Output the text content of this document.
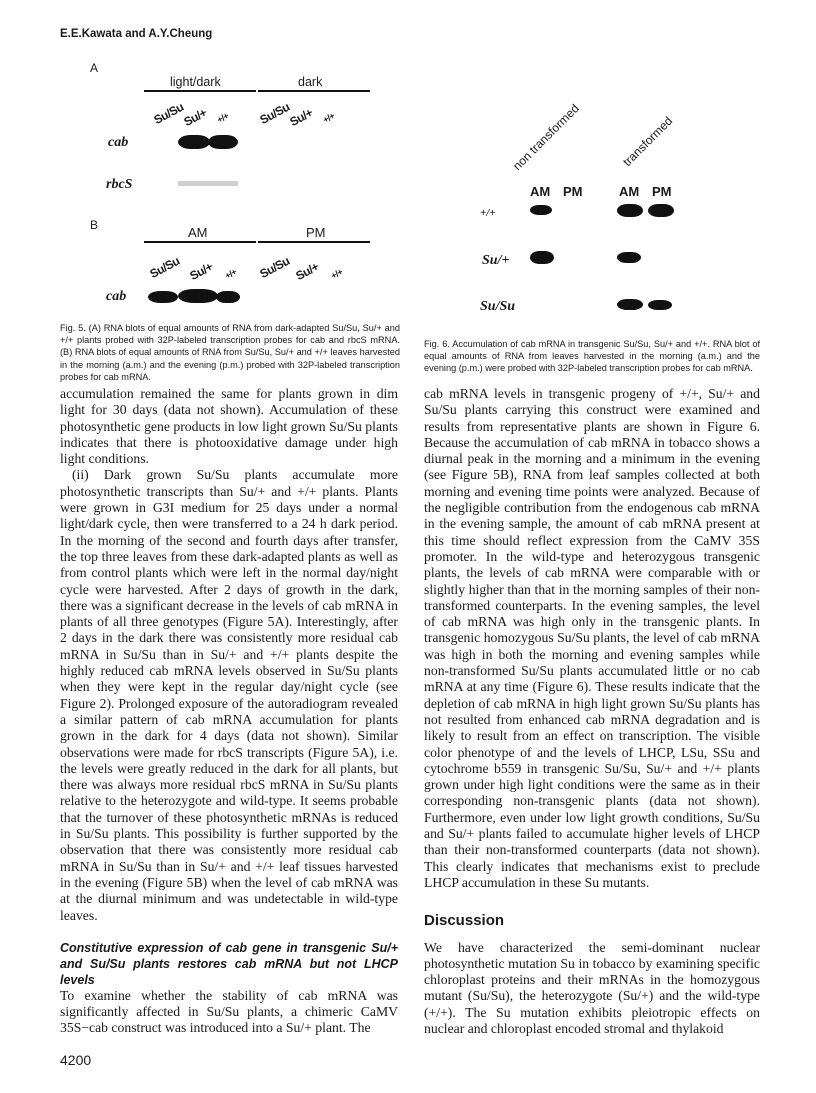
E.E.Kawata and A.Y.Cheung
A
light/dark	dark
Su/Su
Su/+ +/+ Su/Su
Su/+ +/+
cab
rbcS
B	AM	PM
Su/Su Su/+ +/+ Su/Su Su/+ +/+
cab
Fig. 5. (A) RNA blots of equal amounts of RNA from dark-adapted Su/Su, Su/+ and +/+ plants probed with 32P-labeled transcription probes for cab and rbcS mRNA. (B) RNA blots of equal amounts of RNA from Su/Su, Su/+ and +/+ leaves harvested in the morning (a.m.) and the evening (p.m.) probed with 32P-labeled transcription probes for cab mRNA.
non transformed	transformed
AM PM	AM PM
+/+
Su/+
Su/Su
Fig. 6. Accumulation of cab mRNA in transgenic Su/Su, Su/+ and +/+. RNA blot of equal amounts of RNA from leaves harvested in the morning (a.m.) and the evening (p.m.) were probed with 32P-labeled transcription probes for cab mRNA.

accumulation remained the same for plants grown in dim light for 30 days (data not shown). Accumulation of these photosynthetic gene products in low light grown Su/Su plants indicates that there is photooxidative damage under high light conditions.

(ii) Dark grown Su/Su plants accumulate more photosynthetic transcripts than Su/+ and +/+ plants. Plants were grown in G3I medium for 25 days under a normal light/dark cycle, then were transferred to a 24 h dark period. In the morning of the second and fourth days after transfer, the top three leaves from these dark-adapted plants as well as from control plants which were left in the normal day/night cycle were harvested. After 2 days of growth in the dark, there was a significant decrease in the levels of cab mRNA in plants of all three genotypes (Figure 5A). Interestingly, after 2 days in the dark there was consistently more residual cab mRNA in Su/Su than in Su/+ and +/+ plants despite the highly reduced cab mRNA levels observed in Su/Su plants when they were kept in the regular day/night cycle (see Figure 2). Prolonged exposure of the autoradiogram revealed a similar pattern of cab mRNA accumulation for plants grown in the dark for 4 days (data not shown). Similar observations were made for rbcS transcripts (Figure 5A), i.e. the levels were greatly reduced in the dark for all plants, but there was always more residual rbcS mRNA in Su/Su plants relative to the heterozygote and wild-type. It seems probable that the turnover of these photosynthetic mRNAs is reduced in Su/Su plants. This possibility is further supported by the observation that there was consistently more residual cab mRNA in Su/Su than in Su/+ and +/+ leaf tissues harvested in the evening (Figure 5B) when the level of cab mRNA was at the diurnal minimum and was undetectable in wild-type leaves.

Constitutive expression of cab gene in transgenic Su/+ and Su/Su plants restores cab mRNA but not LHCP levels

To examine whether the stability of cab mRNA was significantly affected in Su/Su plants, a chimeric CaMV 35S−cab construct was introduced into a Su/+ plant. The

cab mRNA levels in transgenic progeny of +/+, Su/+ and Su/Su plants carrying this construct were examined and results from representative plants are shown in Figure 6. Because the accumulation of cab mRNA in tobacco shows a diurnal peak in the morning and a minimum in the evening (see Figure 5B), RNA from leaf samples collected at both morning and evening time points were analyzed. Because of the negligible contribution from the endogenous cab mRNA in the evening sample, the amount of cab mRNA present at this time should reflect expression from the CaMV 35S promoter. In the wild-type and heterozygous transgenic plants, the levels of cab mRNA were comparable with or slightly higher than that in the morning samples of their non-transformed counterparts. In the evening samples, the level of cab mRNA was high only in the transgenic plants. In transgenic homozygous Su/Su plants, the level of cab mRNA was high in both the morning and evening samples while non-transformed Su/Su plants accumulated little or no cab mRNA at any time (Figure 6). These results indicate that the depletion of cab mRNA in high light grown Su/Su plants has not resulted from enhanced cab mRNA degradation and is likely to result from an effect on transcription. The visible color phenotype of and the levels of LHCP, LSu, SSu and cytochrome b559 in transgenic Su/Su, Su/+ and +/+ plants grown under high light conditions were the same as in their corresponding non-transgenic plants (data not shown). Furthermore, even under low light growth conditions, Su/Su and Su/+ plants failed to accumulate higher levels of LHCP than their non-transformed counterparts (data not shown). This clearly indicates that mechanisms exist to preclude LHCP accumulation in these Su mutants.

Discussion

We have characterized the semi-dominant nuclear photosynthetic mutation Su in tobacco by examining specific chloroplast proteins and their mRNAs in the homozygous mutant (Su/Su), the heterozygote (Su/+) and the wild-type (+/+). The Su mutation exhibits pleiotropic effects on nuclear and chloroplast encoded stromal and thylakoid

4200
